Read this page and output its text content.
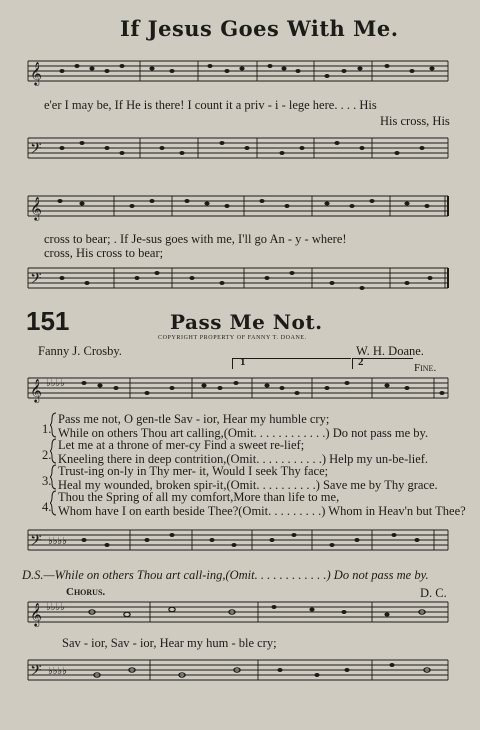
If Jesus Goes With Me.
𝄞
e'er I may be, If He is there! I count it a priv - i - lege here. . . . His
His cross, His
𝄢
𝄞
cross to bear; . If Je-sus goes with me, I'll go An - y - where!
cross, His cross to bear;
𝄢
151	Pass Me Not.
Fanny J. Crosby.
COPYRIGHT PROPERTY OF FANNY T. DOANE.
W. H. Doane.
1	2	Fine.
𝄞 ♭♭♭♭
1.
Pass me not, O gen-tle Sav - ior, Hear my humble cry;
While on others Thou art calling,(Omit. . . . . . . . . . . .) Do not pass me by.
2.
Let me at a throne of mer-cy Find a sweet re-lief;
Kneeling there in deep contrition,(Omit. . . . . . . . . . .) Help my un-be-lief.
3.
Trust-ing on-ly in Thy mer- it, Would I seek Thy face;
Heal my wounded, broken spir-it,(Omit. . . . . . . . . .) Save me by Thy grace.
4.
Thou the Spring of all my comfort,More than life to me,
Whom have I on earth beside Thee?(Omit. . . . . . . . .) Whom in Heav'n but Thee?
𝄢 ♭♭♭♭
D.S.—While on others Thou art call-ing,(Omit. . . . . . . . . . . .) Do not pass me by.
Chorus.	D. C.
𝄞 ♭♭♭♭
Sav - ior, Sav - ior, Hear my hum - ble cry;
𝄢 ♭♭♭♭
